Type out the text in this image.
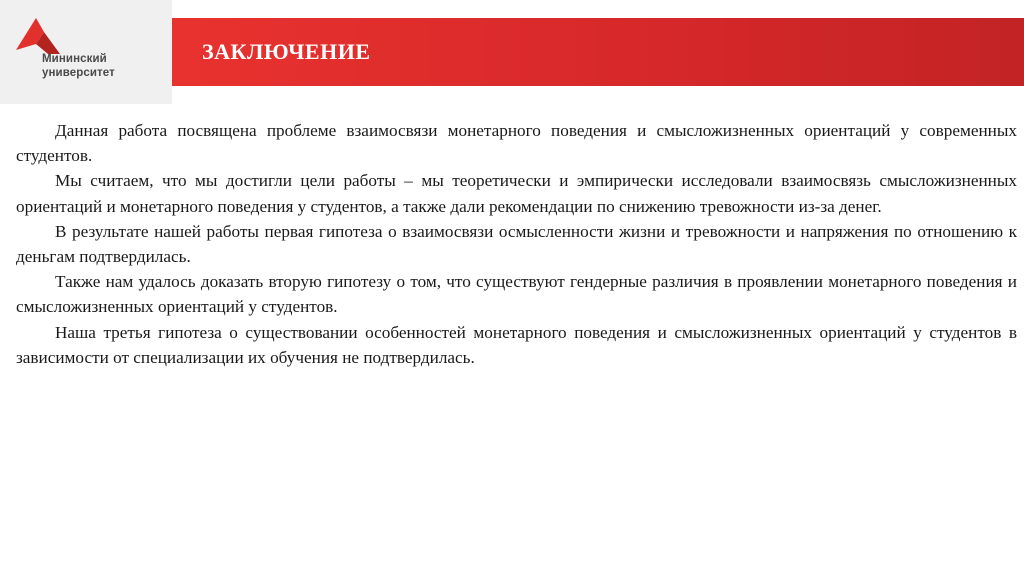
Мининский
университет
ЗАКЛЮЧЕНИЕ

Данная работа посвящена проблеме взаимосвязи монетарного поведения и смысложизненных ориентаций у современных студентов.

Мы считаем, что мы достигли цели работы – мы теоретически и эмпирически исследовали взаимосвязь смысложизненных ориентаций и монетарного поведения у студентов, а также дали рекомендации по снижению тревожности из-за денег.

В результате нашей работы первая гипотеза о взаимосвязи осмысленности жизни и тревожности и напряжения по отношению к деньгам подтвердилась.

Также нам удалось доказать вторую гипотезу о том, что существуют гендерные различия в проявлении монетарного поведения и смысложизненных ориентаций у студентов.

Наша третья гипотеза о существовании особенностей монетарного поведения и смысложизненных ориентаций у студентов в зависимости от специализации их обучения не подтвердилась.
